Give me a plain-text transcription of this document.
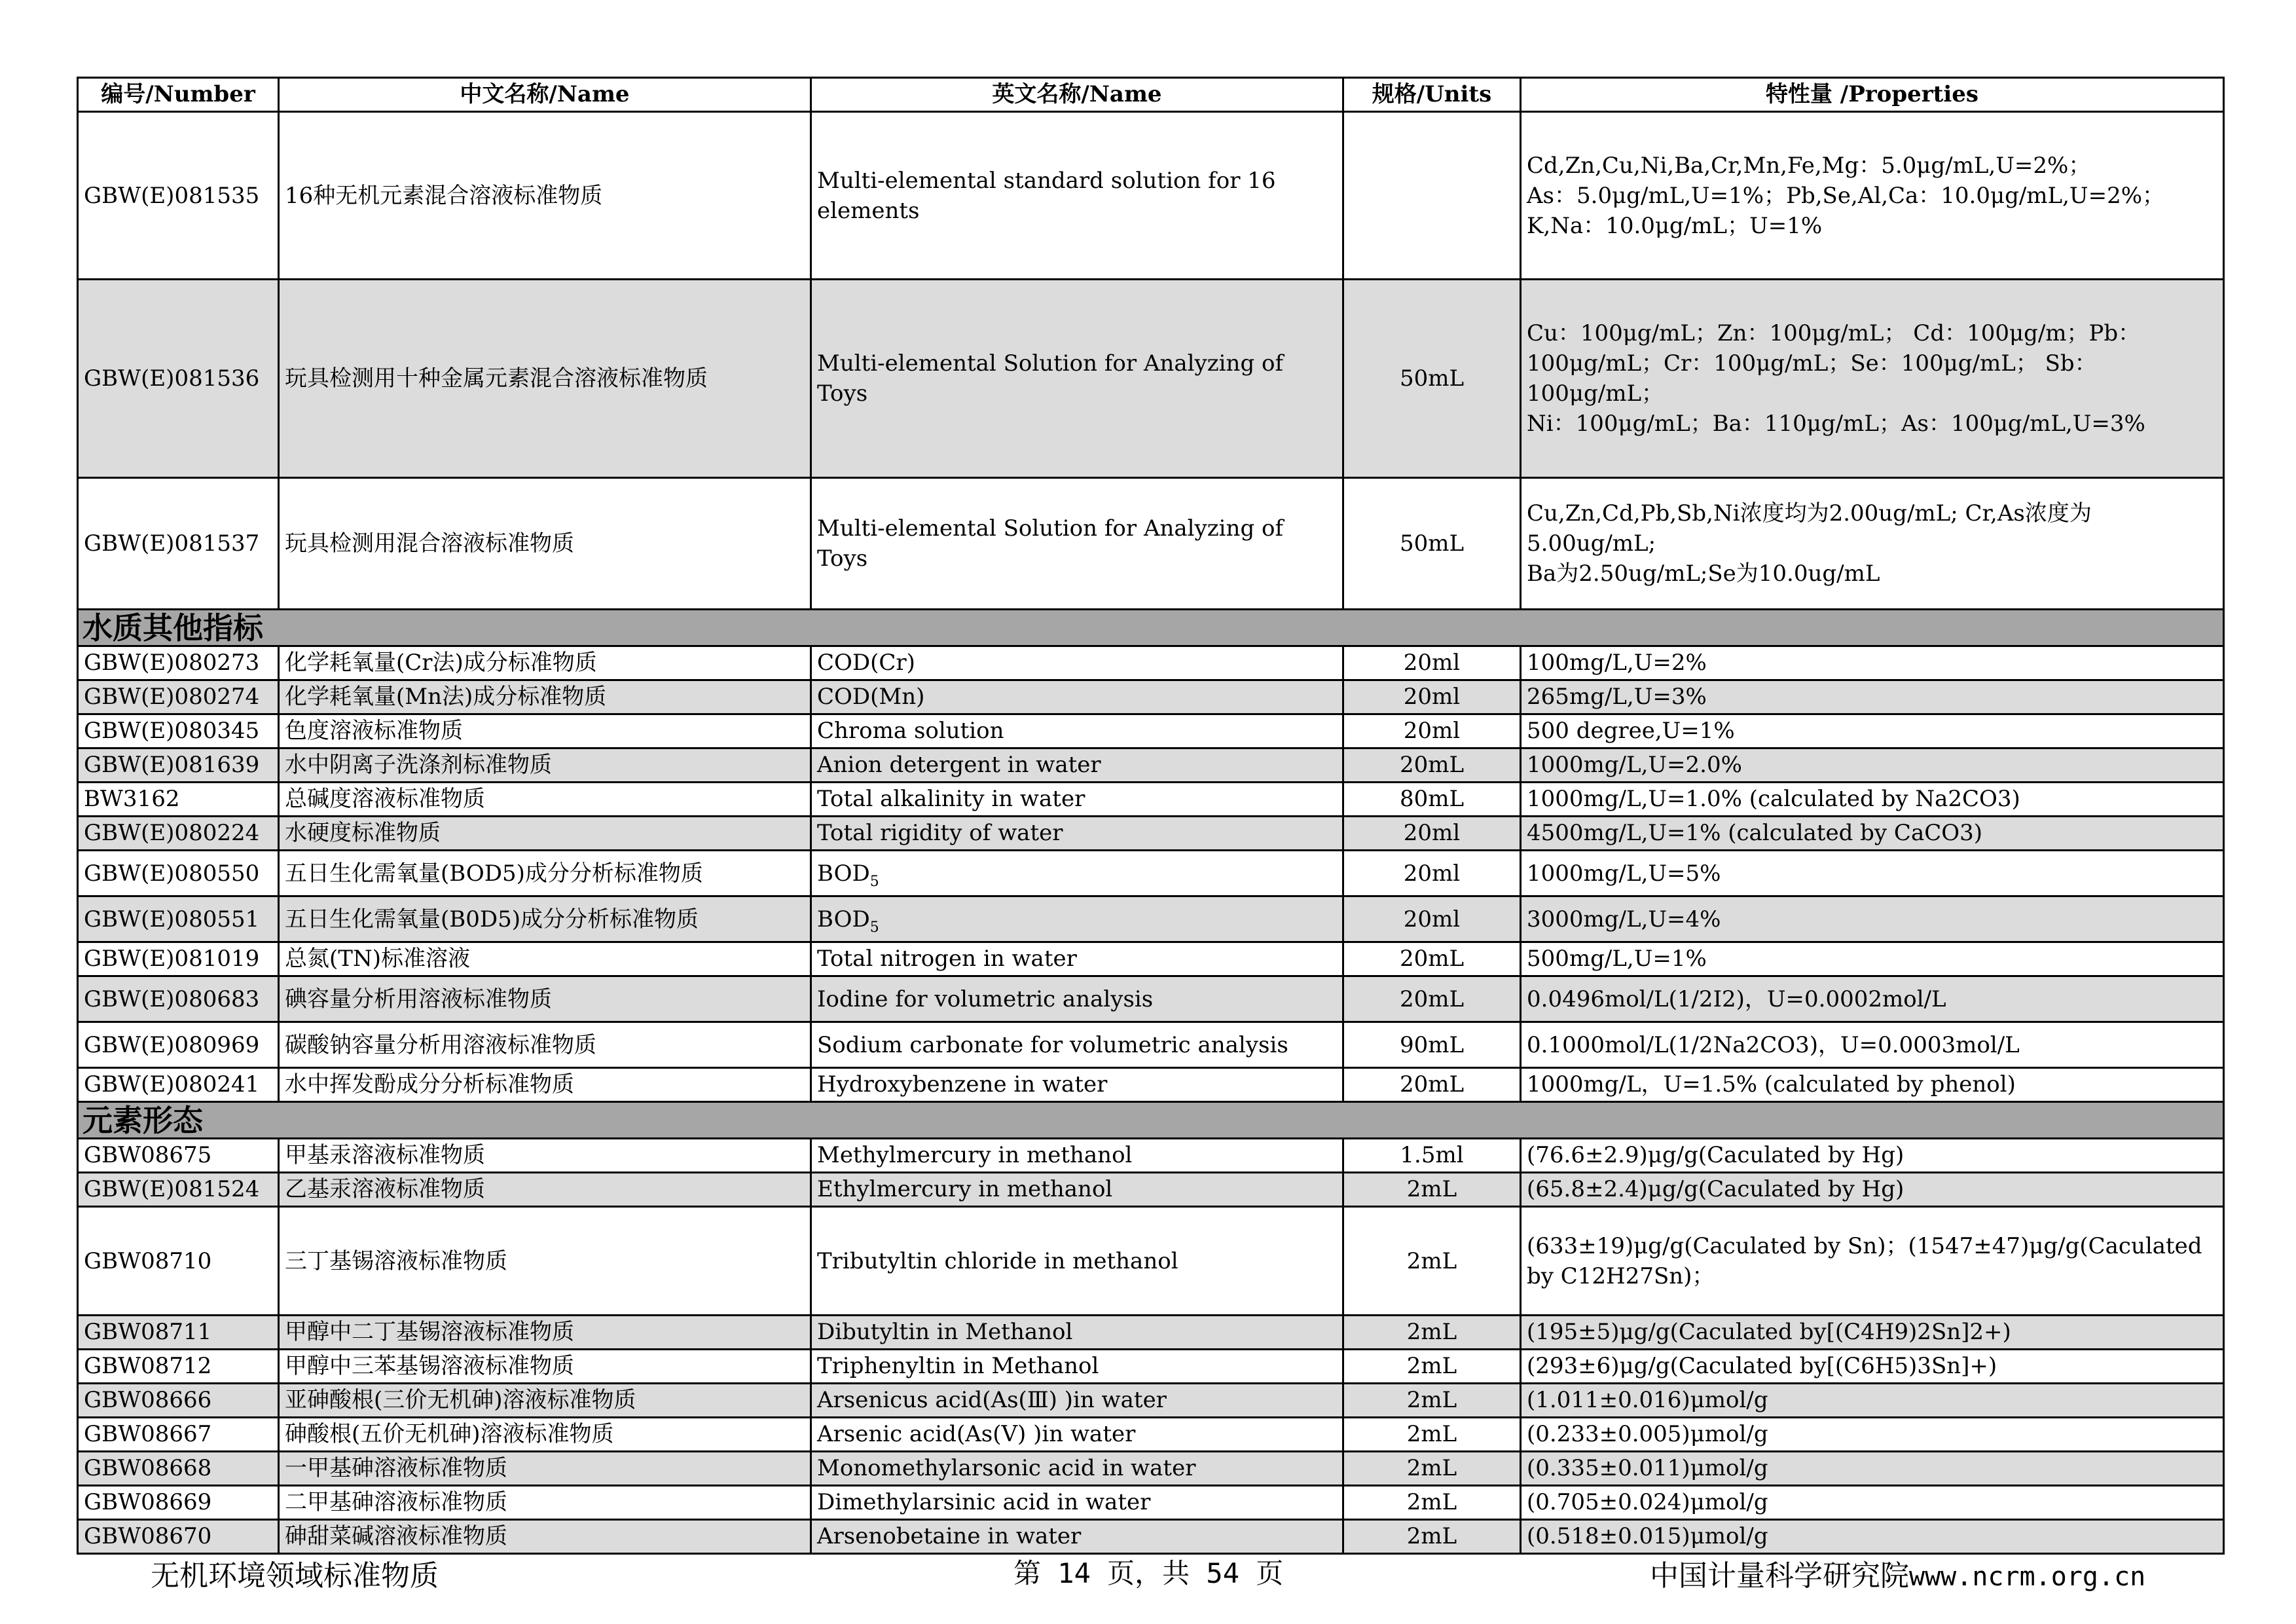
编号/Number	中文名称/Name	英文名称/Name	规格/Units	特性量 /Properties
GBW(E)081535	16种无机元素混合溶液标准物质	Multi-elemental standard solution for 16 elements		Cd,Zn,Cu,Ni,Ba,Cr,Mn,Fe,Mg：5.0μg/mL,U=2%；
As：5.0μg/mL,U=1%；Pb,Se,Al,Ca：10.0μg/mL,U=2%；
K,Na：10.0μg/mL；U=1%
GBW(E)081536	玩具检测用十种金属元素混合溶液标准物质	Multi-elemental Solution for Analyzing of Toys	50mL	Cu：100μg/mL；Zn：100μg/mL； Cd：100μg/m；Pb：100μg/mL；Cr：100μg/mL；Se：100μg/mL； Sb：100μg/mL；
Ni：100μg/mL；Ba：110μg/mL；As：100μg/mL,U=3%
GBW(E)081537	玩具检测用混合溶液标准物质	Multi-elemental Solution for Analyzing of Toys	50mL	Cu,Zn,Cd,Pb,Sb,Ni浓度均为2.00ug/mL; Cr,As浓度为5.00ug/mL;
Ba为2.50ug/mL;Se为10.0ug/mL
水质其他指标				
GBW(E)080273	化学耗氧量(Cr法)成分标准物质	COD(Cr)	20ml	100mg/L,U=2%
GBW(E)080274	化学耗氧量(Mn法)成分标准物质	COD(Mn)	20ml	265mg/L,U=3%
GBW(E)080345	色度溶液标准物质	Chroma solution	20ml	500 degree,U=1%
GBW(E)081639	水中阴离子洗涤剂标准物质	Anion detergent in water	20mL	1000mg/L,U=2.0%
BW3162	总碱度溶液标准物质	Total alkalinity in water	80mL	1000mg/L,U=1.0% (calculated by Na2CO3)
GBW(E)080224	水硬度标准物质	Total rigidity of water	20ml	4500mg/L,U=1% (calculated by CaCO3)
GBW(E)080550	五日生化需氧量(BOD5)成分分析标准物质	$BOD_5$	20ml	1000mg/L,U=5%
GBW(E)080551	五日生化需氧量(B0D5)成分分析标准物质	$BOD_5$	20ml	3000mg/L,U=4%
GBW(E)081019	总氮(TN)标准溶液	Total nitrogen in water	20mL	500mg/L,U=1%
GBW(E)080683	碘容量分析用溶液标准物质	Iodine for volumetric analysis	20mL	0.0496mol/L(1/2I2)，U=0.0002mol/L
GBW(E)080969	碳酸钠容量分析用溶液标准物质	Sodium carbonate for volumetric analysis	90mL	0.1000mol/L(1/2Na2CO3)，U=0.0003mol/L
GBW(E)080241	水中挥发酚成分分析标准物质	Hydroxybenzene in water	20mL	1000mg/L，U=1.5% (calculated by phenol)
元素形态				
GBW08675	甲基汞溶液标准物质	Methylmercury in methanol	1.5ml	(76.6±2.9)μg/g(Caculated by Hg)
GBW(E)081524	乙基汞溶液标准物质	Ethylmercury in methanol	2mL	(65.8±2.4)μg/g(Caculated by Hg)
GBW08710	三丁基锡溶液标准物质	Tributyltin chloride in methanol	2mL	(633±19)μg/g(Caculated by Sn)；(1547±47)μg/g(Caculated by C12H27Sn)；
GBW08711	甲醇中二丁基锡溶液标准物质	Dibutyltin in Methanol	2mL	(195±5)μg/g(Caculated by[(C4H9)2Sn]2+)
GBW08712	甲醇中三苯基锡溶液标准物质	Triphenyltin in Methanol	2mL	(293±6)μg/g(Caculated by[(C6H5)3Sn]+)
GBW08666	亚砷酸根(三价无机砷)溶液标准物质	Arsenicus acid(As(Ⅲ) )in water	2mL	(1.011±0.016)μmol/g
GBW08667	砷酸根(五价无机砷)溶液标准物质	Arsenic acid(As(Ⅴ) )in water	2mL	(0.233±0.005)μmol/g
GBW08668	一甲基砷溶液标准物质	Monomethylarsonic acid in water	2mL	(0.335±0.011)μmol/g
GBW08669	二甲基砷溶液标准物质	Dimethylarsinic acid in water	2mL	(0.705±0.024)μmol/g
GBW08670	砷甜菜碱溶液标准物质	Arsenobetaine in water	2mL	(0.518±0.015)μmol/g
无机环境领域标准物质	第 14 页，共 54 页	中国计量科学研究院www.ncrm.org.cn
